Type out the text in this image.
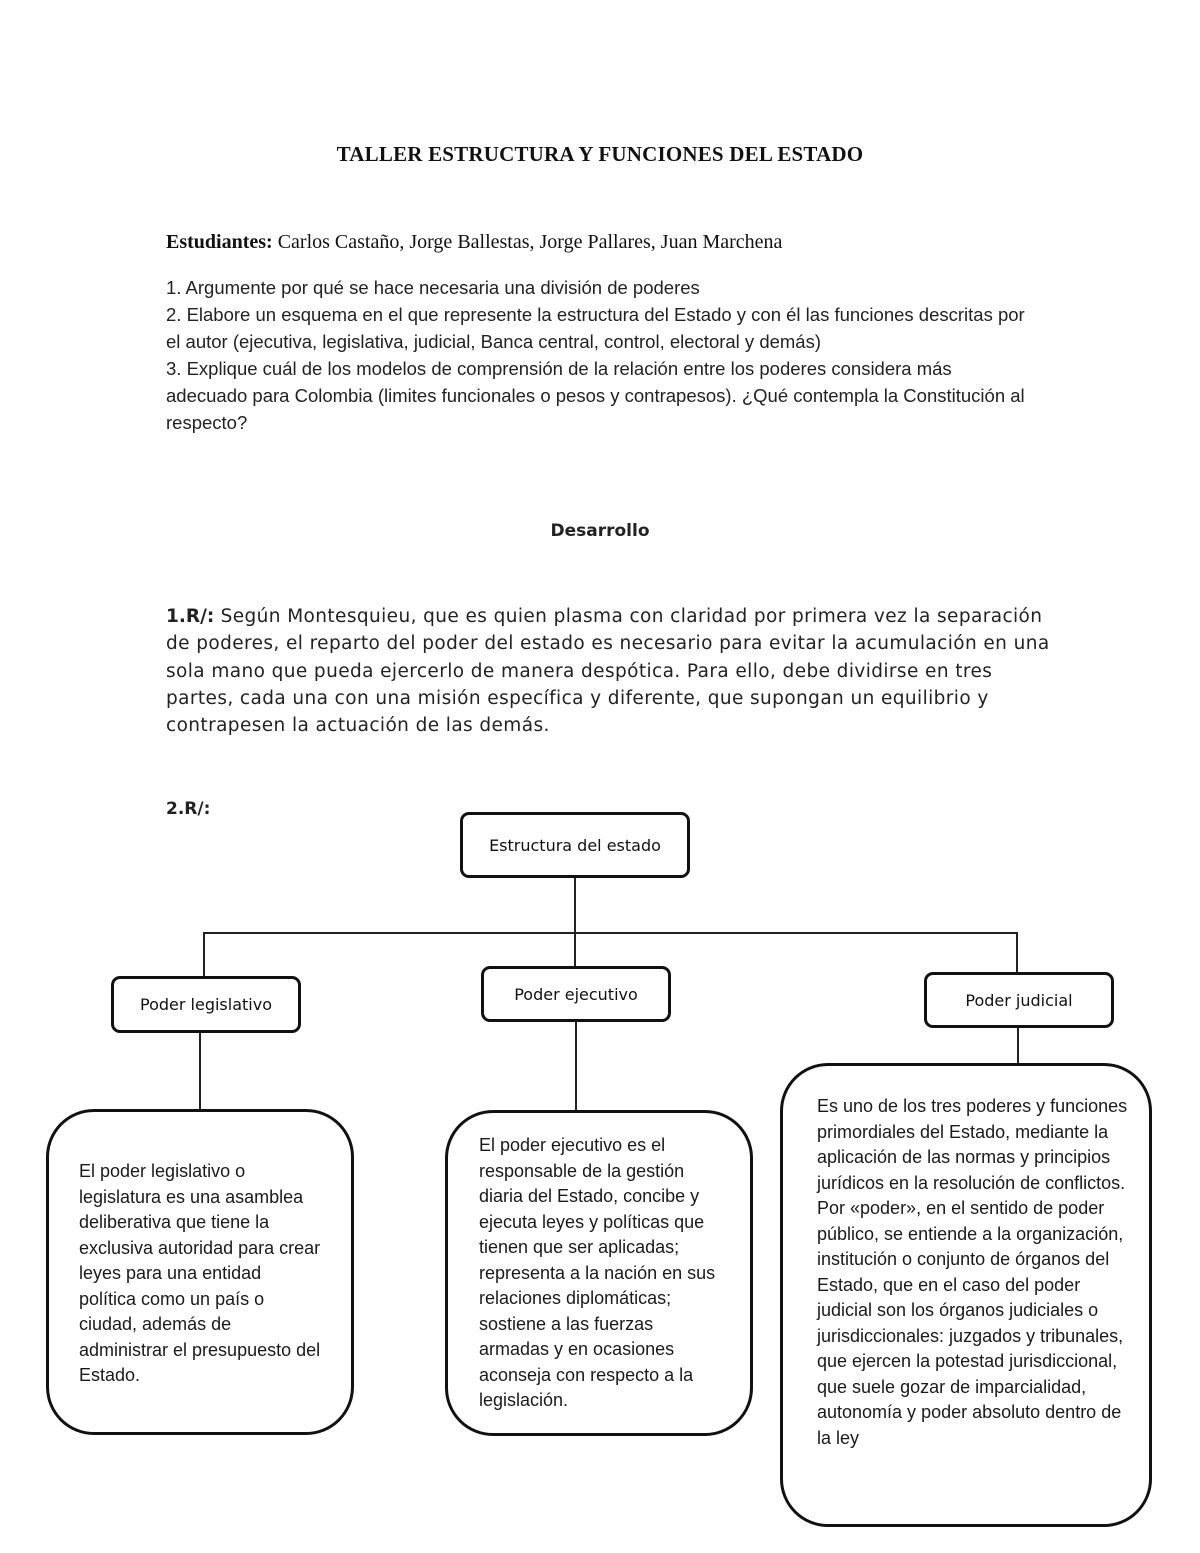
TALLER ESTRUCTURA Y FUNCIONES DEL ESTADO
Estudiantes: Carlos Castaño, Jorge Ballestas, Jorge Pallares, Juan Marchena

1. Argumente por qué se hace necesaria una división de poderes

2. Elabore un esquema en el que represente la estructura del Estado y con él las funciones descritas por el autor (ejecutiva, legislativa, judicial, Banca central, control, electoral y demás)

3. Explique cuál de los modelos de comprensión de la relación entre los poderes considera más adecuado para Colombia (limites funcionales o pesos y contrapesos). ¿Qué contempla la Constitución al respecto?

Desarrollo
1.R/: Según Montesquieu, que es quien plasma con claridad por primera vez la separación de poderes, el reparto del poder del estado es necesario para evitar la acumulación en una sola mano que pueda ejercerlo de manera despótica. Para ello, debe dividirse en tres partes, cada una con una misión específica y diferente, que supongan un equilibrio y contrapesen la actuación de las demás.
2.R/:
Estructura del estado
Poder legislativo
Poder ejecutivo	Poder judicial
El poder legislativo o legislatura es una asamblea deliberativa que tiene la exclusiva autoridad para crear leyes para una entidad política como un país o ciudad, además de administrar el presupuesto del Estado.
El poder ejecutivo es el responsable de la gestión diaria del Estado, concibe y ejecuta leyes y políticas que tienen que ser aplicadas; representa a la nación en sus relaciones diplomáticas; sostiene a las fuerzas armadas y en ocasiones aconseja con respecto a la legislación.
Es uno de los tres poderes y funciones primordiales del Estado, mediante la aplicación de las normas y principios jurídicos en la resolución de conflictos. Por «poder», en el sentido de poder público, se entiende a la organización, institución o conjunto de órganos del Estado, que en el caso del poder judicial son los órganos judiciales o jurisdiccionales: juzgados y tribunales, que ejercen la potestad jurisdiccional, que suele gozar de imparcialidad, autonomía y poder absoluto dentro de la ley
